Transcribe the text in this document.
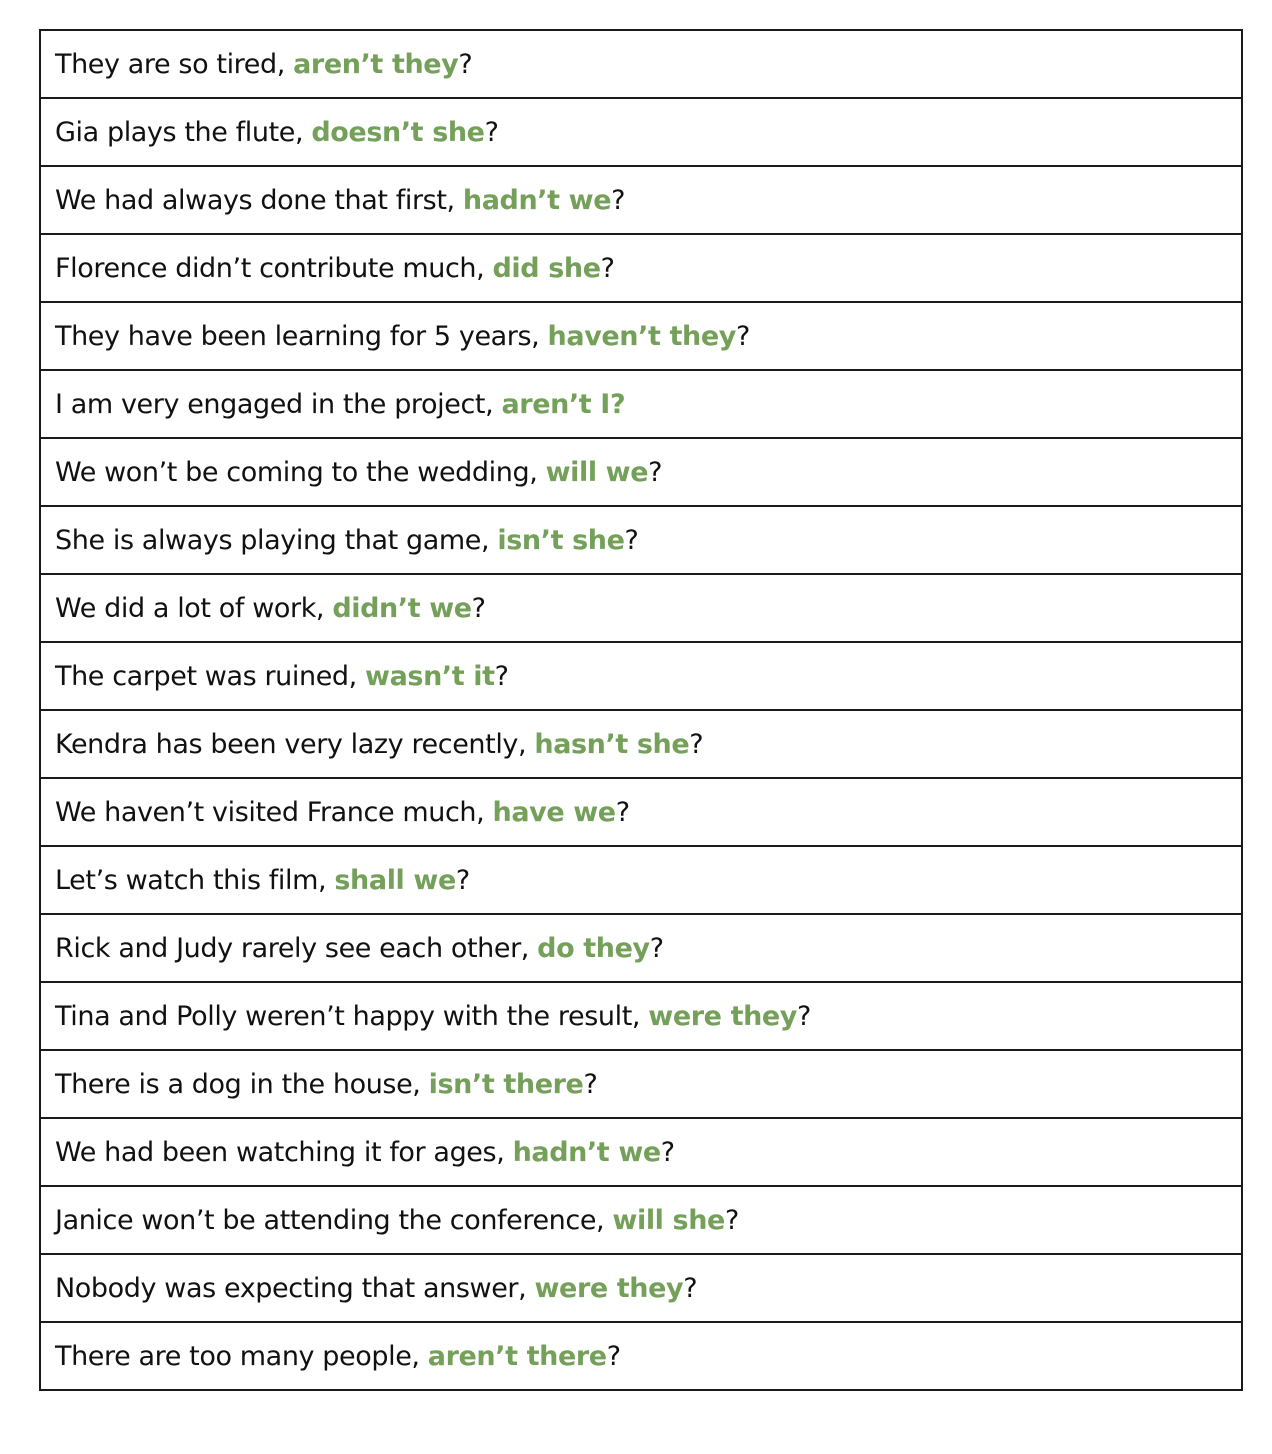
They are so tired, aren’t they?
Gia plays the flute, doesn’t she?
We had always done that first, hadn’t we?
Florence didn’t contribute much, did she?
They have been learning for 5 years, haven’t they?
I am very engaged in the project, aren’t I?
We won’t be coming to the wedding, will we?
She is always playing that game, isn’t she?
We did a lot of work, didn’t we?
The carpet was ruined, wasn’t it?
Kendra has been very lazy recently, hasn’t she?
We haven’t visited France much, have we?
Let’s watch this film, shall we?
Rick and Judy rarely see each other, do they?
Tina and Polly weren’t happy with the result, were they?
There is a dog in the house, isn’t there?
We had been watching it for ages, hadn’t we?
Janice won’t be attending the conference, will she?
Nobody was expecting that answer, were they?
There are too many people, aren’t there?
